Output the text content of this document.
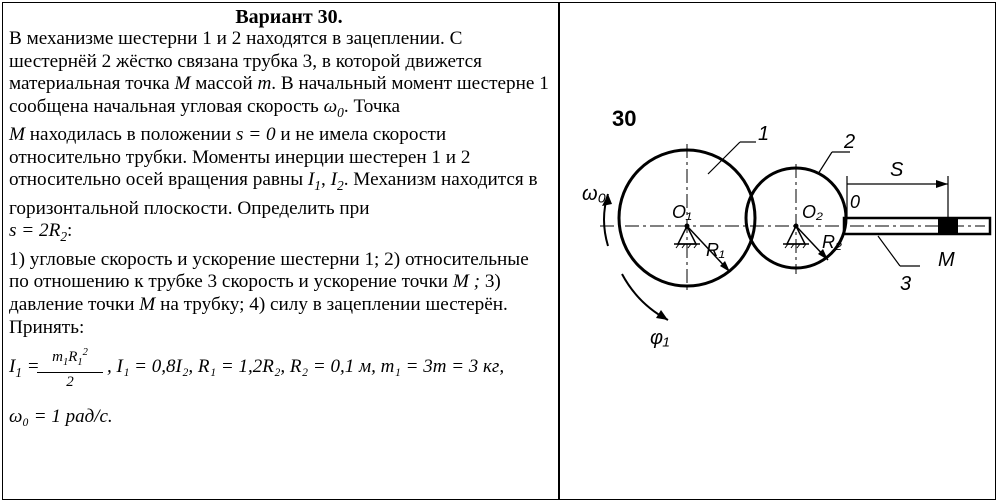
Вариант 30.

В механизме шестерни 1 и 2 находятся в зацеплении. С шестернёй 2 жёстко связана трубка 3, в которой движется материальная точка M массой m. В начальный момент шестерне 1 сообщена начальная угловая скорость $\omega_0$. Точка
M находилась в положении s = 0 и не имела скорости относительно трубки. Моменты инерции шестерен 1 и 2 относительно осей вращения равны $I_1$, $I_2$. Механизм находится в горизонтальной плоскости. Определить при
$s = 2R_2$:
1) угловые скорость и ускорение шестерни 1; 2) относительные по отношению к трубке 3 скорость и ускорение точки M ; 3) давление точки M на трубку; 4) силу в зацеплении шестерён. Принять:

$I_1$ =
$\frac{m_1R_1^2}{2}$ , I₁ = 0,8I₂, R₁ = 1,2R₂, R₂ = 0,1 м, m₁ = 3m = 3 кг,
ω₀ = 1 рад/с.
30
1	2
3
O₁	O₂
R₁	R₂
S
0
M
ω₀
φ₁
